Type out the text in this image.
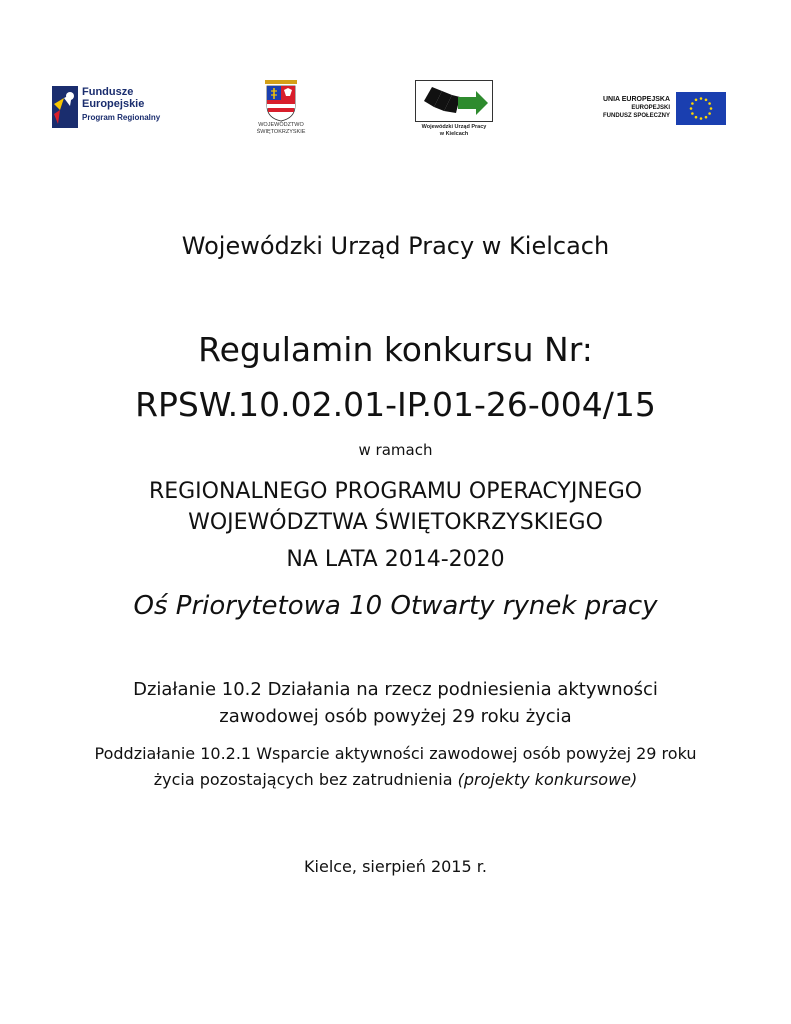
Fundusze
Europejskie
Program Regionalny
WOJEWÓDZTWO
ŚWIĘTOKRZYSKIE
Wojewódzki Urząd Pracy
w Kielcach
UNIA EUROPEJSKA
EUROPEJSKI
FUNDUSZ SPOŁECZNY
Wojewódzki Urząd Pracy w Kielcach
Regulamin konkursu Nr:
RPSW.10.02.01-IP.01-26-004/15
w ramach
REGIONALNEGO PROGRAMU OPERACYJNEGO
WOJEWÓDZTWA ŚWIĘTOKRZYSKIEGO
NA LATA 2014-2020
Oś Priorytetowa 10 Otwarty rynek pracy
Działanie 10.2 Działania na rzecz podniesienia aktywności
zawodowej osób powyżej 29 roku życia
Poddziałanie 10.2.1 Wsparcie aktywności zawodowej osób powyżej 29 roku
życia pozostających bez zatrudnienia (projekty konkursowe)
Kielce, sierpień 2015 r.
